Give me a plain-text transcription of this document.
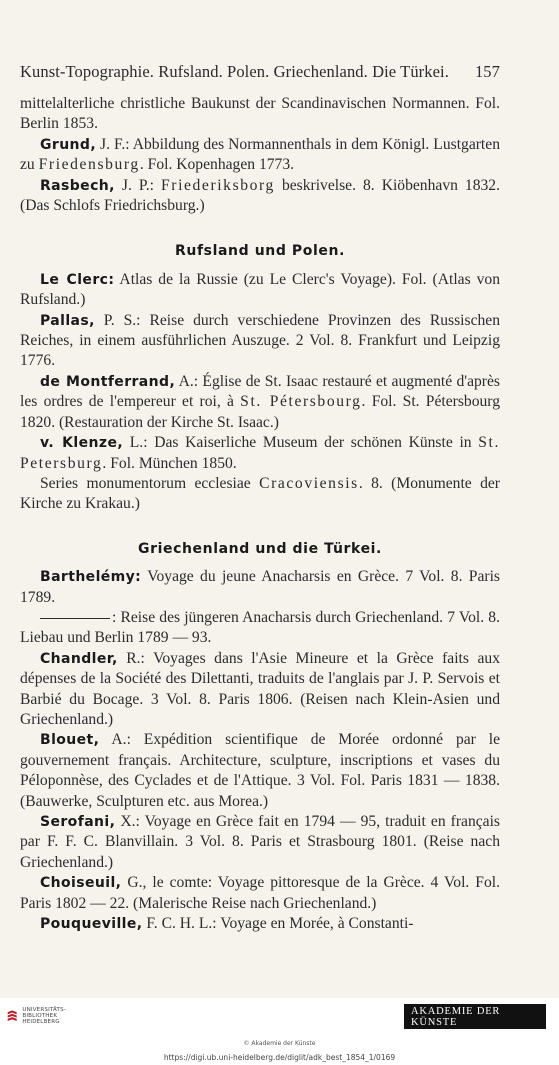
Kunst-Topographie. Rufsland. Polen. Griechenland. Die Türkei. 157

mittelalterliche christliche Baukunst der Scandinavischen Normannen. Fol. Berlin 1853.

Grund, J. F.: Abbildung des Normannenthals in dem Königl. Lustgarten zu Friedensburg. Fol. Kopenhagen 1773.

Rasbech, J. P.: Friederiksborg beskrivelse. 8. Kiöbenhavn 1832. (Das Schlofs Friedrichsburg.)

Rufsland und Polen.

Le Clerc: Atlas de la Russie (zu Le Clerc's Voyage). Fol. (Atlas von Rufsland.)

Pallas, P. S.: Reise durch verschiedene Provinzen des Russischen Reiches, in einem ausführlichen Auszuge. 2 Vol. 8. Frankfurt und Leipzig 1776.

de Montferrand, A.: Église de St. Isaac restauré et augmenté d'après les ordres de l'empereur et roi, à St. Pétersbourg. Fol. St. Pétersbourg 1820. (Restauration der Kirche St. Isaac.)

v. Klenze, L.: Das Kaiserliche Museum der schönen Künste in St. Petersburg. Fol. München 1850.

Series monumentorum ecclesiae Cracoviensis. 8. (Monumente der Kirche zu Krakau.)

Griechenland und die Türkei.

Barthelémy: Voyage du jeune Anacharsis en Grèce. 7 Vol. 8. Paris 1789.

: Reise des jüngeren Anacharsis durch Griechenland. 7 Vol. 8. Liebau und Berlin 1789 — 93.

Chandler, R.: Voyages dans l'Asie Mineure et la Grèce faits aux dépenses de la Société des Dilettanti, traduits de l'anglais par J. P. Servois et Barbié du Bocage. 3 Vol. 8. Paris 1806. (Reisen nach Klein-Asien und Griechenland.)

Blouet, A.: Expédition scientifique de Morée ordonné par le gouvernement français. Architecture, sculpture, inscriptions et vases du Péloponnèse, des Cyclades et de l'Attique. 3 Vol. Fol. Paris 1831 — 1838. (Bauwerke, Sculpturen etc. aus Morea.)

Serofani, X.: Voyage en Grèce fait en 1794 — 95, traduit en français par F. F. C. Blanvillain. 3 Vol. 8. Paris et Strasbourg 1801. (Reise nach Griechenland.)

Choiseuil, G., le comte: Voyage pittoresque de la Grèce. 4 Vol. Fol. Paris 1802 — 22. (Malerische Reise nach Griechenland.)

Pouqueville, F. C. H. L.: Voyage en Morée, à Constanti-

UNIVERSITÄTS-
BIBLIOTHEK
HEIDELBERG
AKADEMIE DER KÜNSTE
© Akademie der Künste
https://digi.ub.uni-heidelberg.de/diglit/adk_best_1854_1/0169
